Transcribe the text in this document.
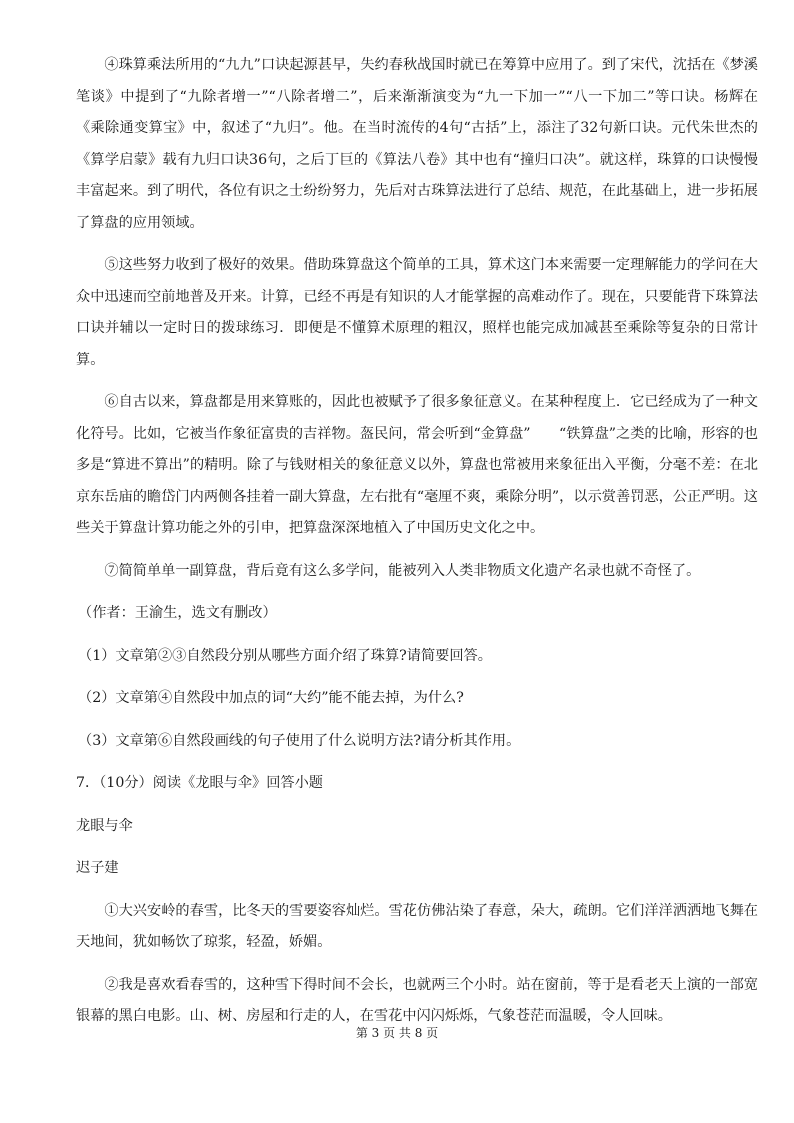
④珠算乘法所用的“九九”口诀起源甚早，失约春秋战国时就已在筹算中应用了。到了宋代，沈括在《梦溪笔谈》中提到了“九除者增一”“八除者增二”，后来渐渐演变为“九一下加一”“八一下加二”等口诀。杨辉在《乘除通变算宝》中，叙述了“九归”。他。在当时流传的4句“古括”上，添注了32句新口诀。元代朱世杰的《算学启蒙》载有九归口诀36句，之后丁巨的《算法八卷》其中也有“撞归口决”。就这样，珠算的口诀慢慢丰富起来。到了明代，各位有识之士纷纷努力，先后对古珠算法进行了总结、规范，在此基础上，进一步拓展了算盘的应用领域。

⑤这些努力收到了极好的效果。借助珠算盘这个简单的工具，算术这门本来需要一定理解能力的学问在大众中迅速而空前地普及开来。计算，已经不再是有知识的人才能掌握的高难动作了。现在，只要能背下珠算法口诀并辅以一定时日的拨球练习．即便是不懂算术原理的粗汉，照样也能完成加减甚至乘除等复杂的日常计算。

⑥自古以来，算盘都是用来算账的，因此也被赋予了很多象征意义。在某种程度上．它已经成为了一种文化符号。比如，它被当作象征富贵的吉祥物。盔民问，常会听到“金算盘”　　“铁算盘”之类的比喻，形容的也多是“算进不算出”的精明。除了与钱财相关的象征意义以外，算盘也常被用来象征出入平衡，分毫不差：在北京东岳庙的瞻岱门内两侧各挂着一副大算盘，左右批有“毫厘不爽，乘除分明”，以示赏善罚恶，公正严明。这些关于算盘计算功能之外的引申，把算盘深深地植入了中国历史文化之中。

⑦简简单单一副算盘，背后竟有这么多学问，能被列入人类非物质文化遗产名录也就不奇怪了。

（作者：王渝生，选文有删改）

（1）文章第②③自然段分别从哪些方面介绍了珠算?请简要回答。

（2）文章第④自然段中加点的词“大约”能不能去掉，为什么?

（3）文章第⑥自然段画线的句子使用了什么说明方法?请分析其作用。

7．（10分）阅读《龙眼与伞》回答小题

龙眼与伞

迟子建

①大兴安岭的春雪，比冬天的雪要姿容灿烂。雪花仿佛沾染了春意，朵大，疏朗。它们洋洋洒洒地飞舞在天地间，犹如畅饮了琼浆，轻盈，娇媚。

②我是喜欢看春雪的，这种雪下得时间不会长，也就两三个小时。站在窗前，等于是看老天上演的一部宽银幕的黑白电影。山、树、房屋和行走的人，在雪花中闪闪烁烁，气象苍茫而温暖，令人回味。

第 3 页 共 8 页
